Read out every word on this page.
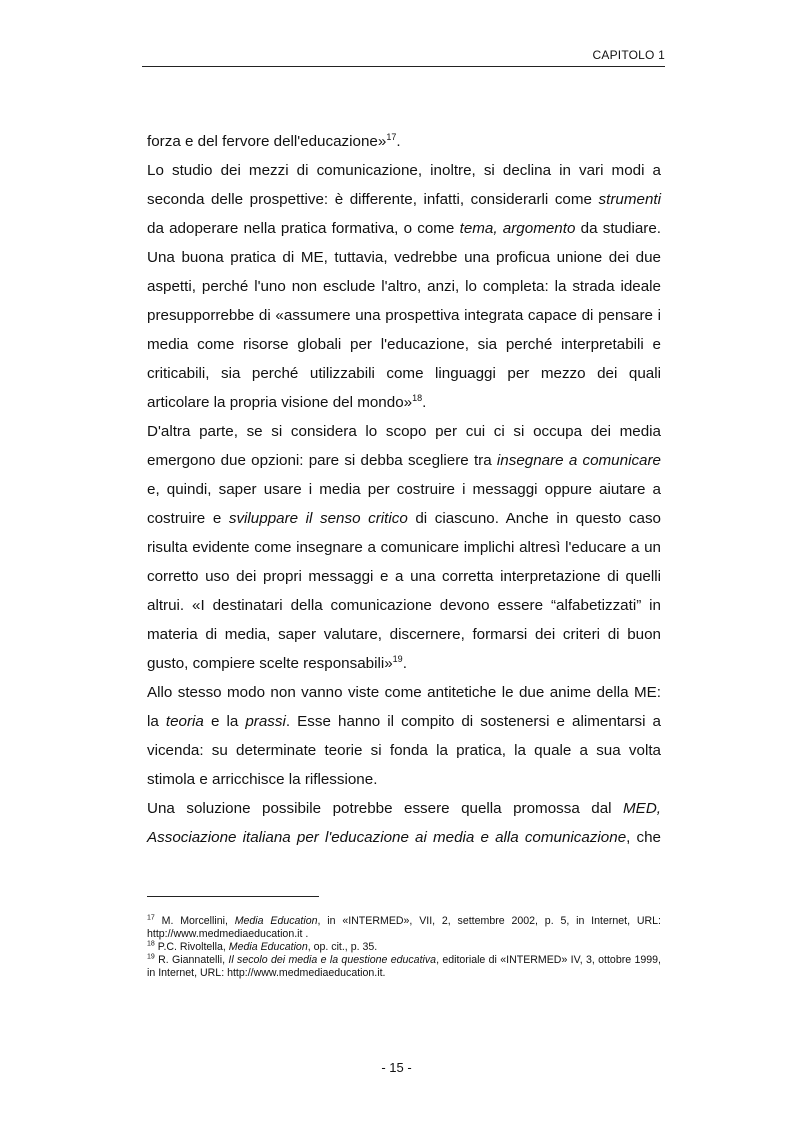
CAPITOLO 1

forza e del fervore dell'educazione»$^{17}$.

Lo studio dei mezzi di comunicazione, inoltre, si declina in vari modi a seconda delle prospettive: è differente, infatti, considerarli come strumenti da adoperare nella pratica formativa, o come tema, argomento da studiare. Una buona pratica di ME, tuttavia, vedrebbe una proficua unione dei due aspetti, perché l'uno non esclude l'altro, anzi, lo completa: la strada ideale presupporrebbe di «assumere una prospettiva integrata capace di pensare i media come risorse globali per l'educazione, sia perché interpretabili e criticabili, sia perché utilizzabili come linguaggi per mezzo dei quali articolare la propria visione del mondo»$^{18}$.

D'altra parte, se si considera lo scopo per cui ci si occupa dei media emergono due opzioni: pare si debba scegliere tra insegnare a comunicare e, quindi, saper usare i media per costruire i messaggi oppure aiutare a costruire e sviluppare il senso critico di ciascuno. Anche in questo caso risulta evidente come insegnare a comunicare implichi altresì l'educare a un corretto uso dei propri messaggi e a una corretta interpretazione di quelli altrui. «I destinatari della comunicazione devono essere “alfabetizzati” in materia di media, saper valutare, discernere, formarsi dei criteri di buon gusto, compiere scelte responsabili»$^{19}$.

Allo stesso modo non vanno viste come antitetiche le due anime della ME: la teoria e la prassi. Esse hanno il compito di sostenersi e alimentarsi a vicenda: su determinate teorie si fonda la pratica, la quale a sua volta stimola e arricchisce la riflessione.

Una soluzione possibile potrebbe essere quella promossa dal MED, Associazione italiana per l'educazione ai media e alla comunicazione, che

$^{17}$ M. Morcellini, Media Education, in «INTERMED», VII, 2, settembre 2002, p. 5, in Internet, URL: http://www.medmediaeducation.it .

$^{18}$ P.C. Rivoltella, Media Education, op. cit., p. 35.

$^{19}$ R. Giannatelli, Il secolo dei media e la questione educativa, editoriale di «INTERMED» IV, 3, ottobre 1999, in Internet, URL: http://www.medmediaeducation.it.

- 15 -
